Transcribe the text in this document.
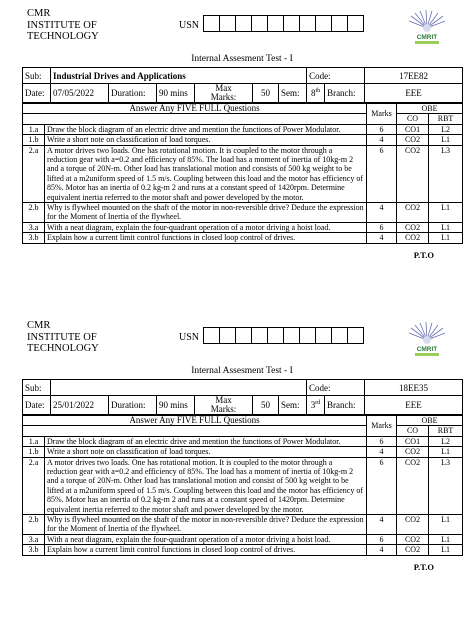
CMR
INSTITUTE OF
TECHNOLOGY
USN
CMRIT
Internal Assesment Test - I
Sub:	Industrial Drives and Applications						Code:		17EE82
Date:	07/05/2022	Duration:	90 mins	Max
Marks:	50	Sem:	8th	Branch:	EEE
Answer Any FIVE FULL Questions		Marks	OBE	
			CO	RBT
1.a	Draw the block diagram of an electric drive and mention the functions of Power Modulator.	6	CO1	L2
1.b	Write a short note on classification of load torques.	4	CO2	L1
2.a	A motor drives two loads. One has rotational motion. It is coupled to the motor through a reduction gear with a=0.2 and efficiency of 85%. The load has a moment of inertia of 10kg-m 2 and a torque of 20N-m. Other load has translational motion and consists of 500 kg weight to be lifted at a m2uniform speed of 1.5 m/s. Coupling between this load and the motor has efficiency of 85%. Motor has an inertia of 0.2 kg-m 2 and runs at a constant speed of 1420rpm. Determine equivalent inertia referred to the motor shaft and power developed by the motor.	6	CO2	L3
2.b	Why is flywheel mounted on the shaft of the motor in non-reversible drive? Deduce the expression for the Moment of Inertia of the flywheel.	4	CO2	L1
3.a	With a neat diagram, explain the four-quadrant operation of a motor driving a hoist load.	6	CO2	L1
3.b	Explain how a current limit control functions in closed loop control of drives.	4	CO2	L1
P.T.O
CMR
INSTITUTE OF
TECHNOLOGY
USN
CMRIT
Internal Assesment Test - I
Sub:							Code:		18EE35
Date:	25/01/2022	Duration:	90 mins	Max
Marks:	50	Sem:	3rd	Branch:	EEE
Answer Any FIVE FULL Questions		Marks	OBE	
			CO	RBT
1.a	Draw the block diagram of an electric drive and mention the functions of Power Modulator.	6	CO1	L2
1.b	Write a short note on classification of load torques.	4	CO2	L1
2.a	A motor drives two loads. One has rotational motion. It is coupled to the motor through a reduction gear with a=0.2 and efficiency of 85%. The load has a moment of inertia of 10kg-m 2 and a torque of 20N-m. Other load has translational motion and consist of 500 kg weight to be lifted at a m2uniform speed of 1.5 m/s. Coupling between this load and the motor has efficiency of 85%. Motor has an inertia of 0.2 kg-m 2 and runs at a constant speed of 1420rpm. Determine equivalent inertia referred to the motor shaft and power developed by the motor.	6	CO2	L3
2.b	Why is flywheel mounted on the shaft of the motor in non-reversible drive? Deduce the expression for the Moment of Inertia of the flywheel.	4	CO2	L1
3.a	With a neat diagram, explain the four-quadrant operation of a motor driving a hoist load.	6	CO2	L1
3.b	Explain how a current limit control functions in closed loop control of drives.	4	CO2	L1
P.T.O
